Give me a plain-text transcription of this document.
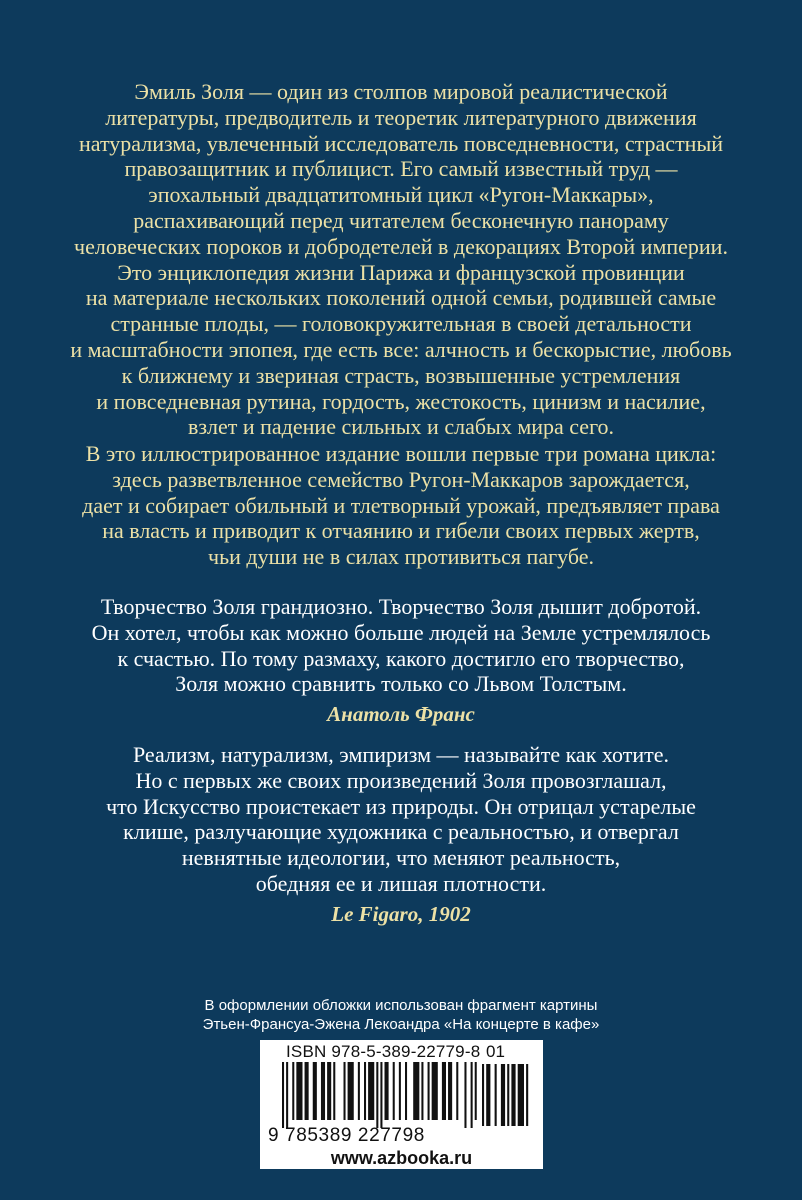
Эмиль Золя — один из столпов мировой реалистической
литературы, предводитель и теоретик литературного движения
натурализма, увлеченный исследователь повседневности, страстный
правозащитник и публицист. Его самый известный труд —
эпохальный двадцатитомный цикл «Ругон-Маккары»,
распахивающий перед читателем бесконечную панораму
человеческих пороков и добродетелей в декорациях Второй империи.
Это энциклопедия жизни Парижа и французской провинции
на материале нескольких поколений одной семьи, родившей самые
странные плоды, — головокружительная в своей детальности
и масштабности эпопея, где есть все: алчность и бескорыстие, любовь
к ближнему и звериная страсть, возвышенные устремления
и повседневная рутина, гордость, жестокость, цинизм и насилие,
взлет и падение сильных и слабых мира сего.
В это иллюстрированное издание вошли первые три романа цикла:
здесь разветвленное семейство Ругон-Маккаров зарождается,
дает и собирает обильный и тлетворный урожай, предъявляет права
на власть и приводит к отчаянию и гибели своих первых жертв,
чьи души не в силах противиться пагубе.
Творчество Золя грандиозно. Творчество Золя дышит добротой.
Он хотел, чтобы как можно больше людей на Земле устремлялось
к счастью. По тому размаху, какого достигло его творчество,
Золя можно сравнить только со Львом Толстым.
Анатоль Франс
Реализм, натурализм, эмпиризм — называйте как хотите.
Но с первых же своих произведений Золя провозглашал,
что Искусство проистекает из природы. Он отрицал устарелые
клише, разлучающие художника с реальностью, и отвергал
невнятные идеологии, что меняют реальность,
обедняя ее и лишая плотности.
Le Figaro, 1902
В оформлении обложки использован фрагмент картины
Этьен-Франсуа-Эжена Лекоандра «На концерте в кафе»
ISBN 978-5-389-22779-8 01
9 785389 227798
www.azbooka.ru
